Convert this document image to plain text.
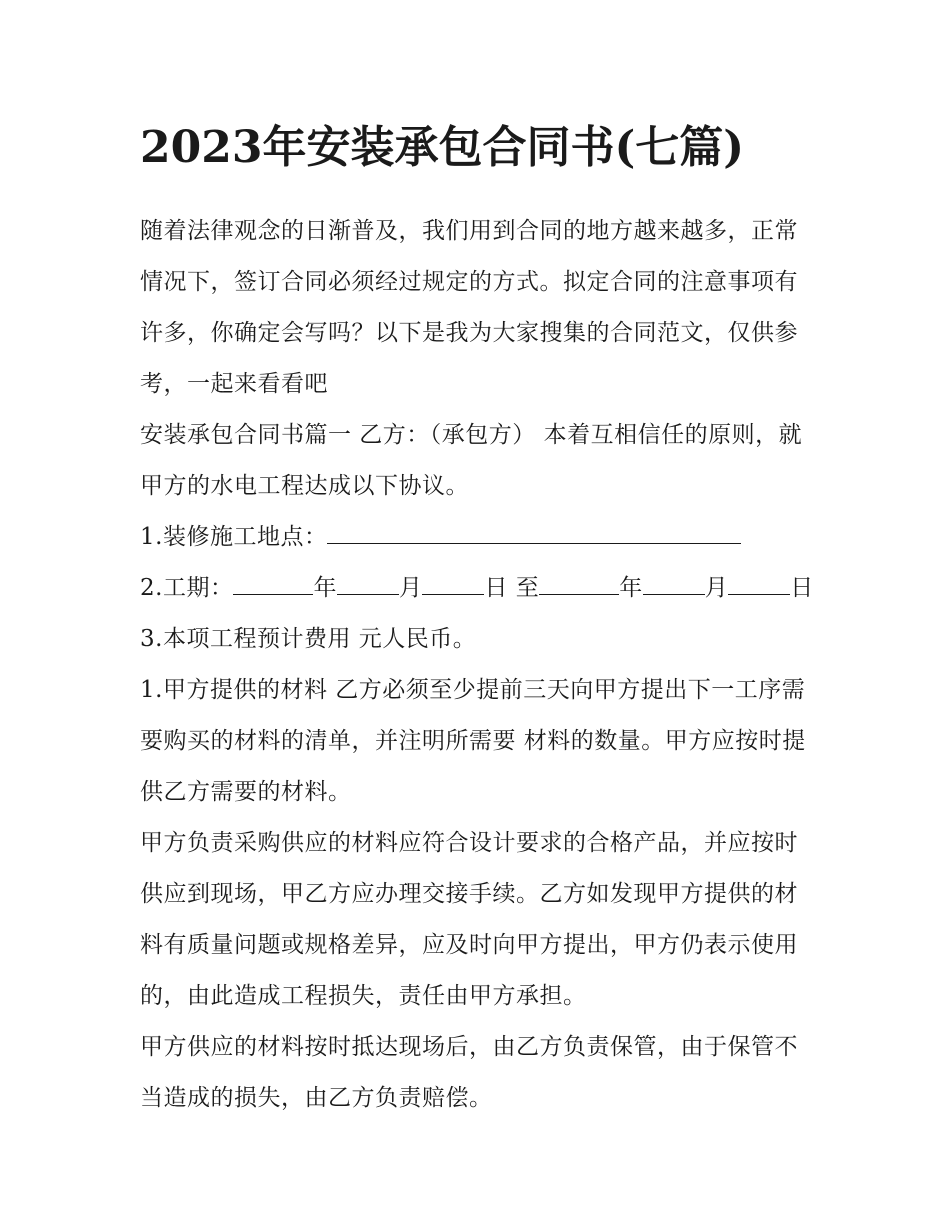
2023年安装承包合同书(七篇)

随着法律观念的日渐普及，我们用到合同的地方越来越多，正常情况下，签订合同必须经过规定的方式。拟定合同的注意事项有许多，你确定会写吗？以下是我为大家搜集的合同范文，仅供参考，一起来看看吧

安装承包合同书篇一 乙方：（承包方） 本着互相信任的原则，就甲方的水电工程达成以下协议。

1.装修施工地点：

2.工期：	年	月	日 至	年	月	日 3.本项工程预计费用 元人民币。

1.甲方提供的材料 乙方必须至少提前三天向甲方提出下一工序需要购买的材料的清单，并注明所需要 材料的数量。甲方应按时提供乙方需要的材料。

甲方负责采购供应的材料应符合设计要求的合格产品，并应按时供应到现场，甲乙方应办理交接手续。乙方如发现甲方提供的材料有质量问题或规格差异，应及时向甲方提出，甲方仍表示使用的，由此造成工程损失，责任由甲方承担。

甲方供应的材料按时抵达现场后，由乙方负责保管，由于保管不当造成的损失，由乙方负责赔偿。
